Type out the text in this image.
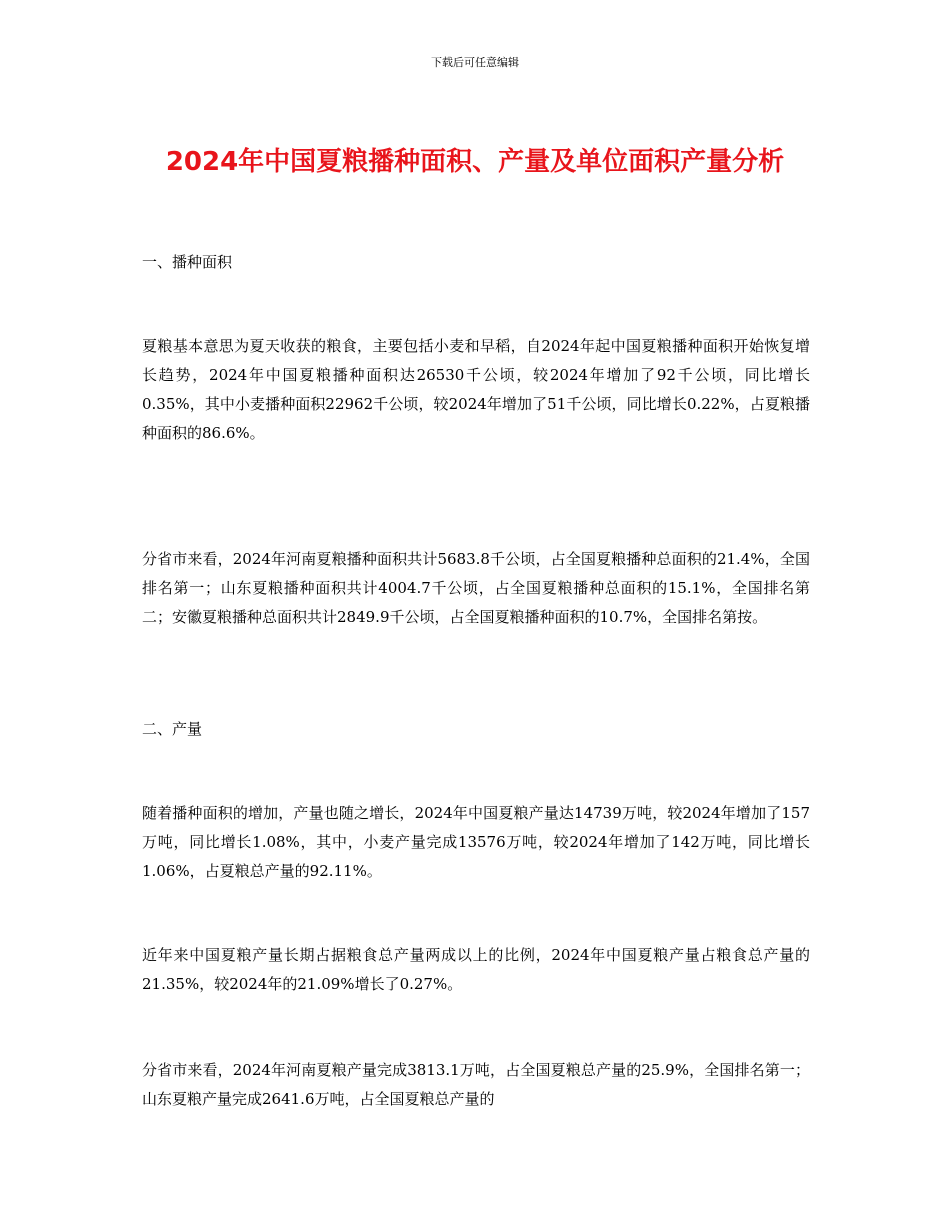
下载后可任意编辑
2024年中国夏粮播种面积、产量及单位面积产量分析
一、播种面积

夏粮基本意思为夏天收获的粮食，主要包括小麦和早稻，自2024年起中国夏粮播种面积开始恢复增长趋势，2024年中国夏粮播种面积达26530千公顷，较2024年增加了92千公顷，同比增长0.35%，其中小麦播种面积22962千公顷，较2024年增加了51千公顷，同比增长0.22%，占夏粮播种面积的86.6%。

分省市来看，2024年河南夏粮播种面积共计5683.8千公顷，占全国夏粮播种总面积的21.4%，全国排名第一；山东夏粮播种面积共计4004.7千公顷，占全国夏粮播种总面积的15.1%，全国排名第二；安徽夏粮播种总面积共计2849.9千公顷，占全国夏粮播种面积的10.7%，全国排名第按。

二、产量

随着播种面积的增加，产量也随之增长，2024年中国夏粮产量达14739万吨，较2024年增加了157万吨，同比增长1.08%，其中，小麦产量完成13576万吨，较2024年增加了142万吨，同比增长1.06%，占夏粮总产量的92.11%。

近年来中国夏粮产量长期占据粮食总产量两成以上的比例，2024年中国夏粮产量占粮食总产量的21.35%，较2024年的21.09%增长了0.27%。

分省市来看，2024年河南夏粮产量完成3813.1万吨，占全国夏粮总产量的25.9%，全国排名第一；山东夏粮产量完成2641.6万吨，占全国夏粮总产量的
